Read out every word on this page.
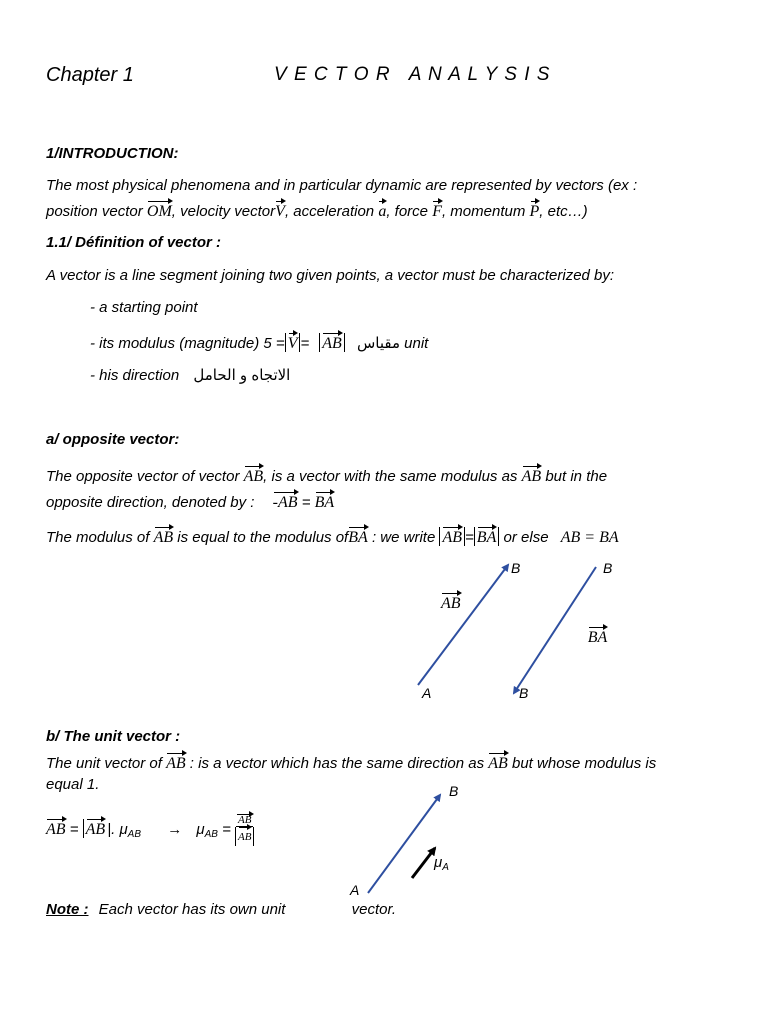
Chapter 1	V E C T O R   A N A L Y S I S
1/INTRODUCTION:
The most physical phenomena and in particular dynamic are represented by vectors (ex :
position vector OM, velocity vectorV, acceleration a, force F, momentum P, etc…)
1.1/ Définition of vector :
A vector is a line segment joining two given points, a vector must be characterized by:
- a starting point
- its modulus (magnitude)	مقياس AB=V= 5 unit
- his direction الاتجاه و الحامل
a/ opposite vector:
The opposite vector of vector AB, is a vector with the same modulus as AB but in the
opposite direction, denoted by : -AB = BA
The modulus of AB is equal to the modulus ofBA : we write AB = BA or else AB = BA
B	B
A	B
AB BA
b/ The unit vector :
The unit vector of AB : is a vector which has the same direction as AB but whose modulus is
equal 1.
AB = AB |. $\mu_{AB} \to \mu_{AB} = \frac{AB}{AB}$
B
A
$\mu_A$
Note : Each vector has its own unit	vector.
